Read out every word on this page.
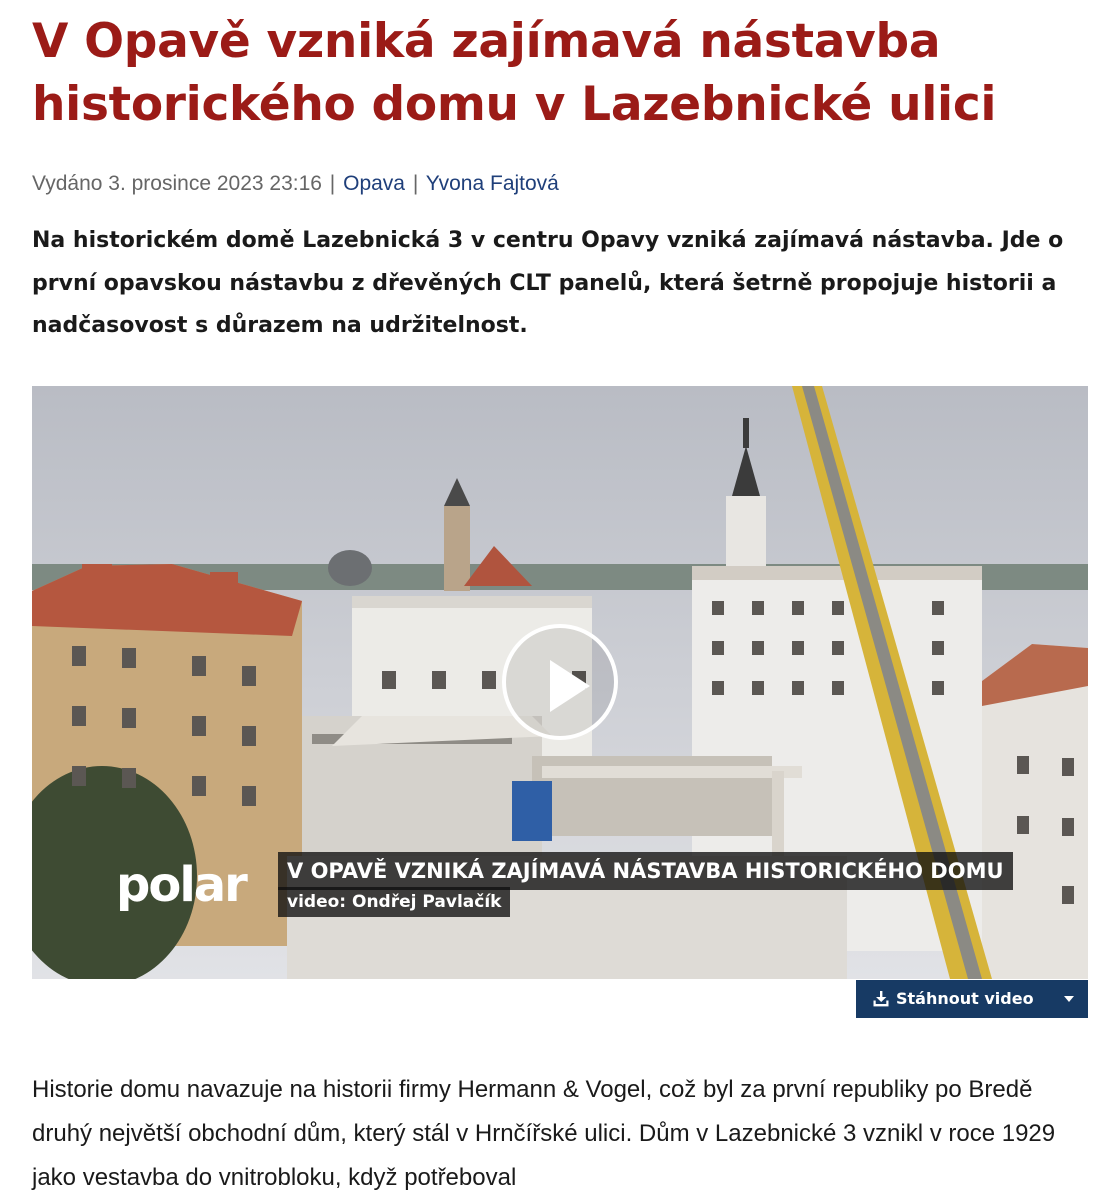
V Opavě vzniká zajímavá nástavba historického domu v Lazebnické ulici
Vydáno 3. prosince 2023 23:16 | Opava | Yvona Fajtová

Na historickém domě Lazebnická 3 v centru Opavy vzniká zajímavá nástavba. Jde o první opavskou nástavbu z dřevěných CLT panelů, která šetrně propojuje historii a nadčasovost s důrazem na udržitelnost.

polar	V OPAVĚ VZNIKÁ ZAJÍMAVÁ NÁSTAVBA HISTORICKÉHO DOMU
video: Ondřej Pavlačík
Stáhnout video

Historie domu navazuje na historii firmy Hermann & Vogel, což byl za první republiky po Bredě druhý největší obchodní dům, který stál v Hrnčířské ulici. Dům v Lazebnické 3 vznikl v roce 1929 jako vestavba do vnitrobloku, když potřeboval
